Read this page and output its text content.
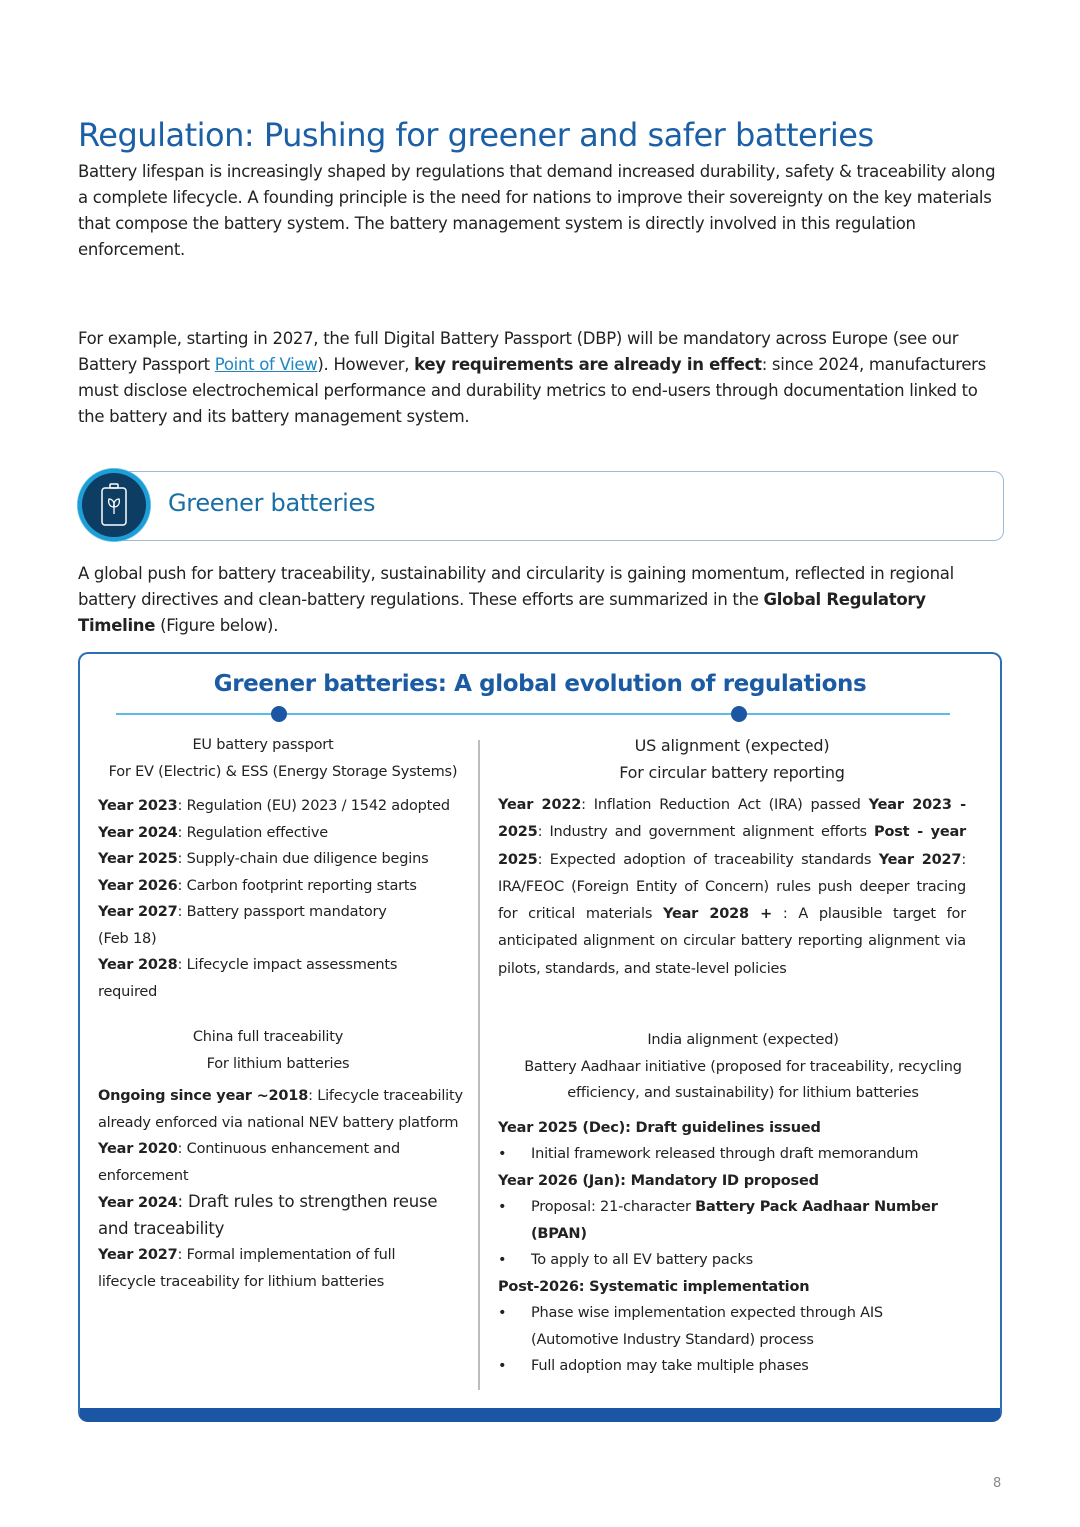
Regulation: Pushing for greener and safer batteries

Battery lifespan is increasingly shaped by regulations that demand increased durability, safety & traceability along a complete lifecycle. A founding principle is the need for nations to improve their sovereignty on the key materials that compose the battery system. The battery management system is directly involved in this regulation enforcement.

For example, starting in 2027, the full Digital Battery Passport (DBP) will be mandatory across Europe (see our Battery Passport Point of View). However, key requirements are already in effect: since 2024, manufacturers must disclose electrochemical performance and durability metrics to end-users through documentation linked to the battery and its battery management system.

Greener batteries

A global push for battery traceability, sustainability and circularity is gaining momentum, reflected in regional battery directives and clean-battery regulations. These efforts are summarized in the Global Regulatory Timeline (Figure below).

Greener batteries: A global evolution of regulations
EU battery passport
For EV (Electric) & ESS (Energy Storage Systems)
Year 2023: Regulation (EU) 2023 / 1542 adopted
Year 2024: Regulation effective
Year 2025: Supply-chain due diligence begins
Year 2026: Carbon footprint reporting starts
Year 2027: Battery passport mandatory (Feb 18)
Year 2028: Lifecycle impact assessments required
US alignment (expected)
For circular battery reporting
Year 2022: Inflation Reduction Act (IRA) passed Year 2023 - 2025: Industry and government alignment efforts Post - year 2025: Expected adoption of traceability standards Year 2027: IRA/FEOC (Foreign Entity of Concern) rules push deeper tracing for critical materials Year 2028 + : A plausible target for anticipated alignment on circular battery reporting alignment via pilots, standards, and state-level policies
China full traceability
For lithium batteries
Ongoing since year ~2018: Lifecycle traceability already enforced via national NEV battery platform
Year 2020: Continuous enhancement and enforcement
Year 2024: Draft rules to strengthen reuse and traceability
Year 2027: Formal implementation of full lifecycle traceability for lithium batteries
India alignment (expected)
Battery Aadhaar initiative (proposed for traceability, recycling efficiency, and sustainability) for lithium batteries
Year 2025 (Dec): Draft guidelines issued
• Initial framework released through draft memorandum
Year 2026 (Jan): Mandatory ID proposed
• Proposal: 21-character Battery Pack Aadhaar Number (BPAN)
• To apply to all EV battery packs
Post-2026: Systematic implementation
• Phase wise implementation expected through AIS (Automotive Industry Standard) process
• Full adoption may take multiple phases
8
